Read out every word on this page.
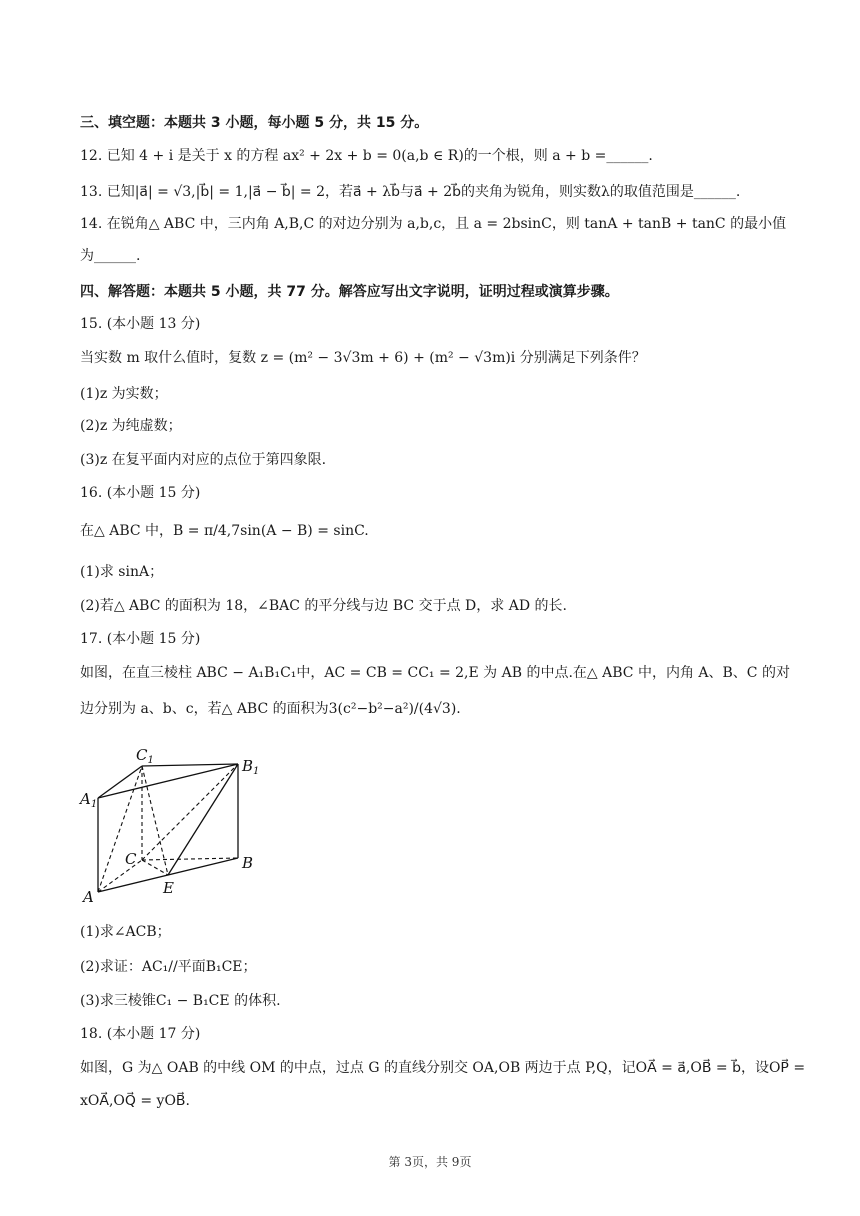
三、填空题：本题共 3 小题，每小题 5 分，共 15 分。
12. 已知 4 + i 是关于 x 的方程 ax² + 2x + b = 0(a,b ∈ R)的一个根，则 a + b =______.
13. 已知|a⃗| = √3,|b⃗| = 1,|a⃗ − b⃗| = 2，若a⃗ + λb⃗与a⃗ + 2b⃗的夹角为锐角，则实数λ的取值范围是______.
14. 在锐角△ ABC 中，三内角 A,B,C 的对边分别为 a,b,c，且 a = 2bsinC，则 tanA + tanB + tanC 的最小值
为______.
四、解答题：本题共 5 小题，共 77 分。解答应写出文字说明，证明过程或演算步骤。
15. (本小题 13 分)
当实数 m 取什么值时，复数 z = (m² − 3√3m + 6) + (m² − √3m)i 分别满足下列条件？
(1)z 为实数；
(2)z 为纯虚数；
(3)z 在复平面内对应的点位于第四象限.
16. (本小题 15 分)
在△ ABC 中，B = π/4,7sin(A − B) = sinC.
(1)求 sinA；
(2)若△ ABC 的面积为 18，∠BAC 的平分线与边 BC 交于点 D，求 AD 的长.
17. (本小题 15 分)
如图，在直三棱柱 ABC − A₁B₁C₁中，AC = CB = CC₁ = 2,E 为 AB 的中点.在△ ABC 中，内角 A、B、C 的对
边分别为 a、b、c，若△ ABC 的面积为3(c²−b²−a²)/(4√3).
$C_1$	$B_1$
$A_1$
C	B
E
A
(1)求∠ACB；
(2)求证：AC₁//平面B₁CE；
(3)求三棱锥C₁ − B₁CE 的体积.
18. (本小题 17 分)
如图，G 为△ OAB 的中线 OM 的中点，过点 G 的直线分别交 OA,OB 两边于点 P,Q，记OA⃗ = a⃗,OB⃗ = b⃗，设OP⃗ =
xOA⃗,OQ⃗ = yOB⃗.
第 3页，共 9页
